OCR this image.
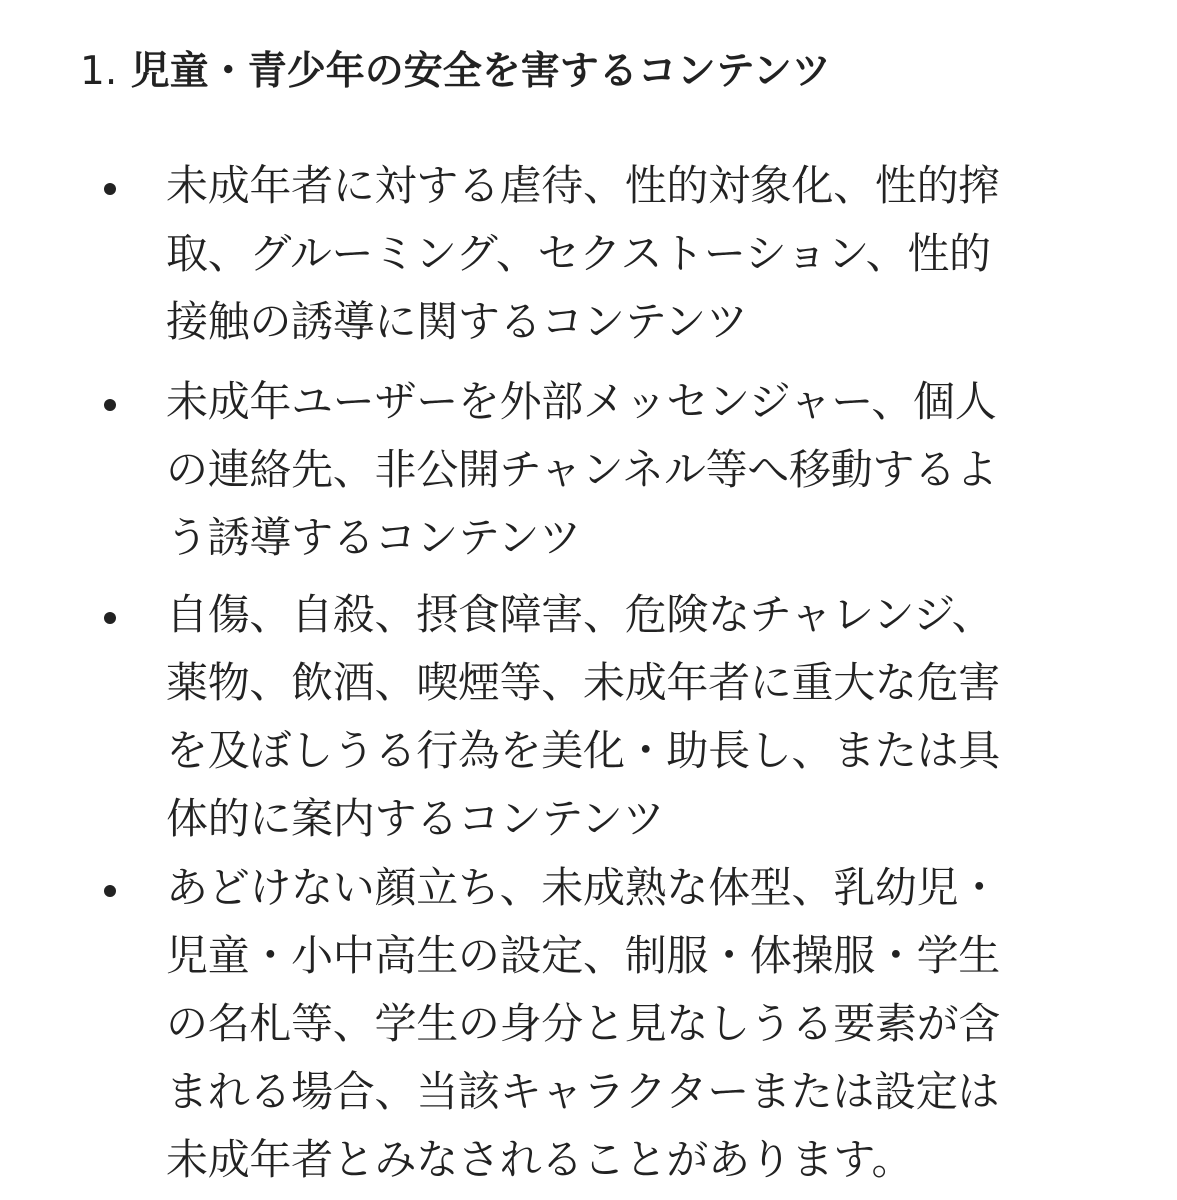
1. 児童・青少年の安全を害するコンテンツ

未成年者に対する虐待、性的対象化、性的搾

取、グルーミング、セクストーション、性的

接触の誘導に関するコンテンツ

未成年ユーザーを外部メッセンジャー、個人

の連絡先、非公開チャンネル等へ移動するよ

う誘導するコンテンツ

自傷、自殺、摂食障害、危険なチャレンジ、

薬物、飲酒、喫煙等、未成年者に重大な危害

を及ぼしうる行為を美化・助長し、または具

体的に案内するコンテンツ

あどけない顔立ち、未成熟な体型、乳幼児・

児童・小中高生の設定、制服・体操服・学生

の名札等、学生の身分と見なしうる要素が含

まれる場合、当該キャラクターまたは設定は

未成年者とみなされることがあります。
